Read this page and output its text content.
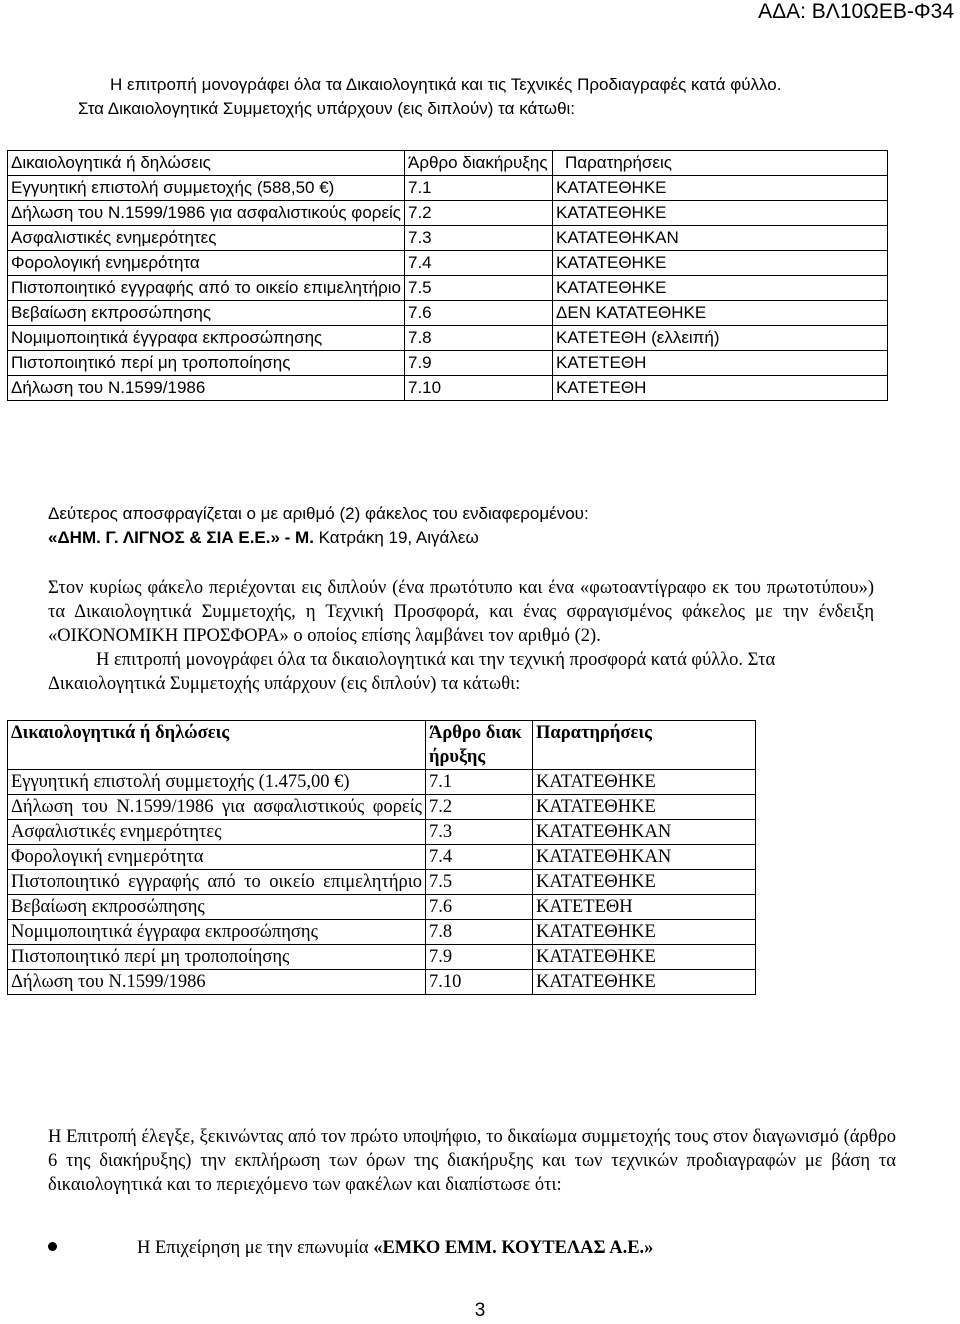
ΑΔΑ: ΒΛ10ΩΕΒ-Φ34
Η επιτροπή μονογράφει όλα τα Δικαιολογητικά και τις Τεχνικές Προδιαγραφές κατά φύλλο.
Στα Δικαιολογητικά Συμμετοχής υπάρχουν (εις διπλούν) τα κάτωθι:
Δικαιολογητικά ή δηλώσεις	Άρθρο διακήρυξης	Παρατηρήσεις
Εγγυητική επιστολή συμμετοχής (588,50 €)	7.1	ΚΑΤΑΤΕΘΗΚΕ
Δήλωση του Ν.1599/1986 για ασφαλιστικούς φορείς	7.2	ΚΑΤΑΤΕΘΗΚΕ
Ασφαλιστικές ενημερότητες	7.3	ΚΑΤΑΤΕΘΗΚΑΝ
Φορολογική ενημερότητα	7.4	ΚΑΤΑΤΕΘΗΚΕ
Πιστοποιητικό εγγραφής από το οικείο επιμελητήριο	7.5	ΚΑΤΑΤΕΘΗΚΕ
Βεβαίωση εκπροσώπησης	7.6	ΔΕΝ ΚΑΤΑΤΕΘΗΚΕ
Νομιμοποιητικά έγγραφα εκπροσώπησης	7.8	ΚΑΤΕΤΕΘΗ (ελλειπή)
Πιστοποιητικό περί μη τροποποίησης	7.9	ΚΑΤΕΤΕΘΗ
Δήλωση του Ν.1599/1986	7.10	ΚΑΤΕΤΕΘΗ
Δεύτερος αποσφραγίζεται ο με αριθμό (2) φάκελος του ενδιαφερομένου:
«ΔΗΜ. Γ. ΛΙΓΝΟΣ & ΣΙΑ Ε.Ε.» - Μ. Κατράκη 19, Αιγάλεω
Στον κυρίως φάκελο περιέχονται εις διπλούν (ένα πρωτότυπο και ένα «φωτοαντίγραφο εκ του πρωτοτύπου») τα Δικαιολογητικά Συμμετοχής, η Τεχνική Προσφορά, και ένας σφραγισμένος φάκελος με την ένδειξη «ΟΙΚΟΝΟΜΙΚΗ ΠΡΟΣΦΟΡΑ» ο οποίος επίσης λαμβάνει τον αριθμό (2).
Η επιτροπή μονογράφει όλα τα δικαιολογητικά και την τεχνική προσφορά κατά φύλλο. Στα
Δικαιολογητικά Συμμετοχής υπάρχουν (εις διπλούν) τα κάτωθι:
Δικαιολογητικά ή δηλώσεις	Άρθρο διακήρυξης	Παρατηρήσεις
Εγγυητική επιστολή συμμετοχής (1.475,00 €)	7.1	ΚΑΤΑΤΕΘΗΚΕ
Δήλωση του Ν.1599/1986 για ασφαλιστικούς φορείς	7.2	ΚΑΤΑΤΕΘΗΚΕ
Ασφαλιστικές ενημερότητες	7.3	ΚΑΤΑΤΕΘΗΚΑΝ
Φορολογική ενημερότητα	7.4	ΚΑΤΑΤΕΘΗΚΑΝ
Πιστοποιητικό εγγραφής από το οικείο επιμελητήριο	7.5	ΚΑΤΑΤΕΘΗΚΕ
Βεβαίωση εκπροσώπησης	7.6	ΚΑΤΕΤΕΘΗ
Νομιμοποιητικά έγγραφα εκπροσώπησης	7.8	ΚΑΤΑΤΕΘΗΚΕ
Πιστοποιητικό περί μη τροποποίησης	7.9	ΚΑΤΑΤΕΘΗΚΕ
Δήλωση του Ν.1599/1986	7.10	ΚΑΤΑΤΕΘΗΚΕ
Η Επιτροπή έλεγξε, ξεκινώντας από τον πρώτο υποψήφιο, το δικαίωμα συμμετοχής τους στον διαγωνισμό (άρθρο 6 της διακήρυξης) την εκπλήρωση των όρων της διακήρυξης και των τεχνικών προδιαγραφών με βάση τα δικαιολογητικά και το περιεχόμενο των φακέλων και διαπίστωσε ότι:
Η Επιχείρηση με την επωνυμία «ΕΜΚΟ ΕΜΜ. ΚΟΥΤΕΛΑΣ Α.Ε.»
3
